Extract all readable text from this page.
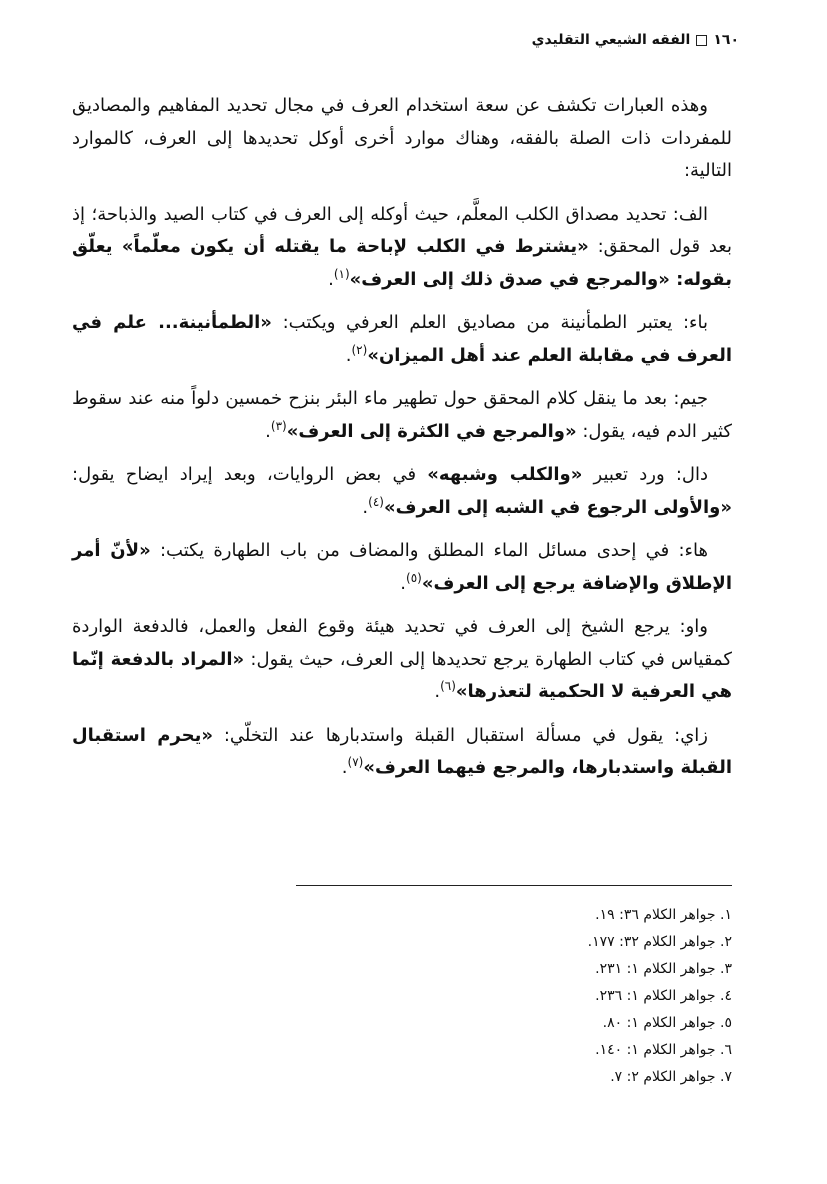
١٦٠
الفقه الشيعي التقليدي

وهذه العبارات تكشف عن سعة استخدام العرف في مجال تحديد المفاهيم والمصاديق للمفردات ذات الصلة بالفقه، وهناك موارد أخرى أوكل تحديدها إلى العرف، كالموارد التالية:

الف: تحديد مصداق الكلب المعلَّم، حيث أوكله إلى العرف في كتاب الصيد والذباحة؛ إذ بعد قول المحقق: «يشترط في الكلب لإباحة ما يقتله أن يكون معلّماً» يعلّق بقوله: «والمرجع في صدق ذلك إلى العرف»$^{(١)}$.

باء: يعتبر الطمأنينة من مصاديق العلم العرفي ويكتب: «الطمأنينة... علم في العرف في مقابلة العلم عند أهل الميزان»$^{(٢)}$.

جيم: بعد ما ينقل كلام المحقق حول تطهير ماء البئر بنزح خمسين دلواً منه عند سقوط كثير الدم فيه، يقول: «والمرجع في الكثرة إلى العرف»$^{(٣)}$.

دال: ورد تعبير «والكلب وشبهه» في بعض الروايات، وبعد إيراد ايضاح يقول: «والأولى الرجوع في الشبه إلى العرف»$^{(٤)}$.

هاء: في إحدى مسائل الماء المطلق والمضاف من باب الطهارة يكتب: «لأنّ أمر الإطلاق والإضافة يرجع إلى العرف»$^{(٥)}$.

واو: يرجع الشيخ إلى العرف في تحديد هيئة وقوع الفعل والعمل، فالدفعة الواردة كمقياس في كتاب الطهارة يرجع تحديدها إلى العرف، حيث يقول: «المراد بالدفعة إنّما هي العرفية لا الحكمية لتعذرها»$^{(٦)}$.

زاي: يقول في مسألة استقبال القبلة واستدبارها عند التخلّي: «يحرم استقبال القبلة واستدبارها، والمرجع فيهما العرف»$^{(٧)}$.

١. جواهر الكلام ٣٦: ١٩.
٢. جواهر الكلام ٣٢: ١٧٧.
٣. جواهر الكلام ١: ٢٣١.
٤. جواهر الكلام ١: ٢٣٦.
٥. جواهر الكلام ١: ٨٠.
٦. جواهر الكلام ١: ١٤٠.
٧. جواهر الكلام ٢: ٧.
